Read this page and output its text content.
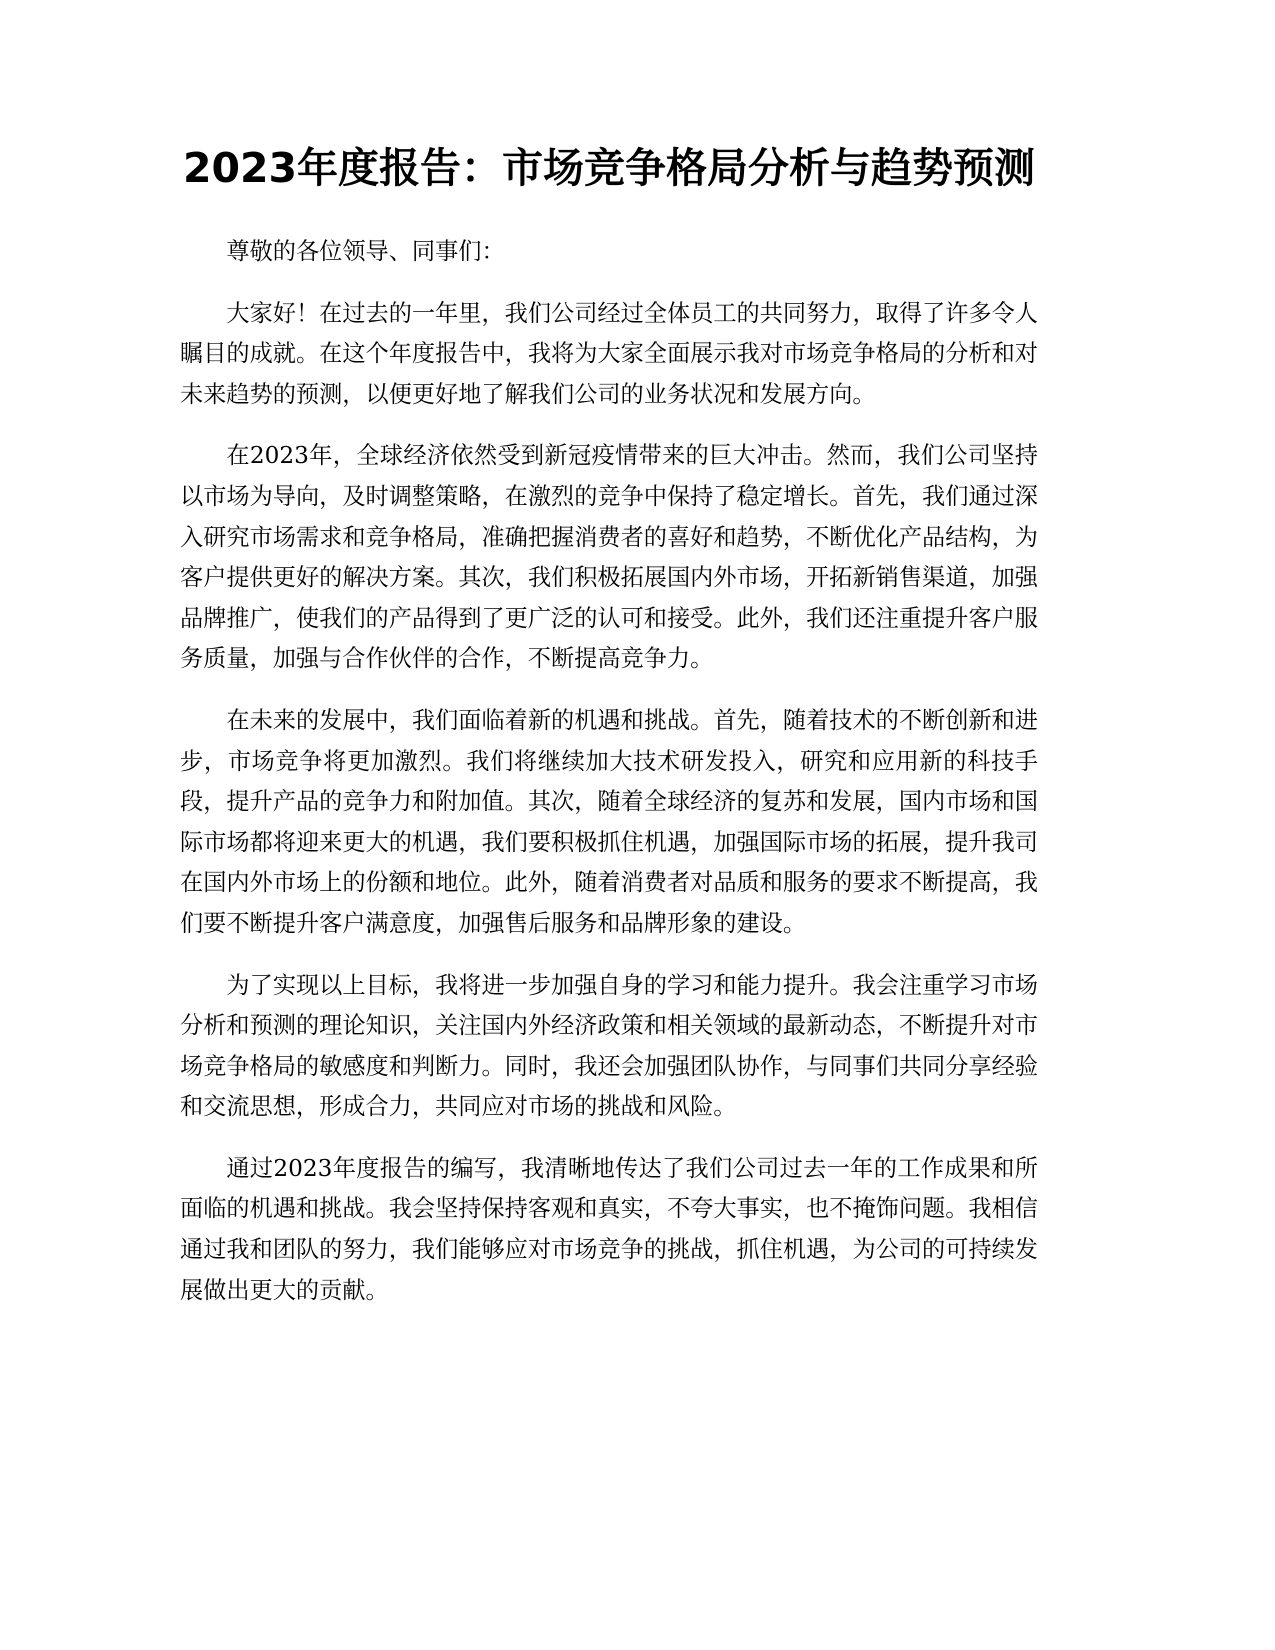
2023年度报告：市场竞争格局分析与趋势预测

尊敬的各位领导、同事们：

大家好！在过去的一年里，我们公司经过全体员工的共同努力，取得了许多令人瞩目的成就。在这个年度报告中，我将为大家全面展示我对市场竞争格局的分析和对未来趋势的预测，以便更好地了解我们公司的业务状况和发展方向。

在2023年，全球经济依然受到新冠疫情带来的巨大冲击。然而，我们公司坚持以市场为导向，及时调整策略，在激烈的竞争中保持了稳定增长。首先，我们通过深入研究市场需求和竞争格局，准确把握消费者的喜好和趋势，不断优化产品结构，为客户提供更好的解决方案。其次，我们积极拓展国内外市场，开拓新销售渠道，加强品牌推广，使我们的产品得到了更广泛的认可和接受。此外，我们还注重提升客户服务质量，加强与合作伙伴的合作，不断提高竞争力。

在未来的发展中，我们面临着新的机遇和挑战。首先，随着技术的不断创新和进步，市场竞争将更加激烈。我们将继续加大技术研发投入，研究和应用新的科技手段，提升产品的竞争力和附加值。其次，随着全球经济的复苏和发展，国内市场和国际市场都将迎来更大的机遇，我们要积极抓住机遇，加强国际市场的拓展，提升我司在国内外市场上的份额和地位。此外，随着消费者对品质和服务的要求不断提高，我们要不断提升客户满意度，加强售后服务和品牌形象的建设。

为了实现以上目标，我将进一步加强自身的学习和能力提升。我会注重学习市场分析和预测的理论知识，关注国内外经济政策和相关领域的最新动态，不断提升对市场竞争格局的敏感度和判断力。同时，我还会加强团队协作，与同事们共同分享经验和交流思想，形成合力，共同应对市场的挑战和风险。

通过2023年度报告的编写，我清晰地传达了我们公司过去一年的工作成果和所面临的机遇和挑战。我会坚持保持客观和真实，不夸大事实，也不掩饰问题。我相信通过我和团队的努力，我们能够应对市场竞争的挑战，抓住机遇，为公司的可持续发展做出更大的贡献。
